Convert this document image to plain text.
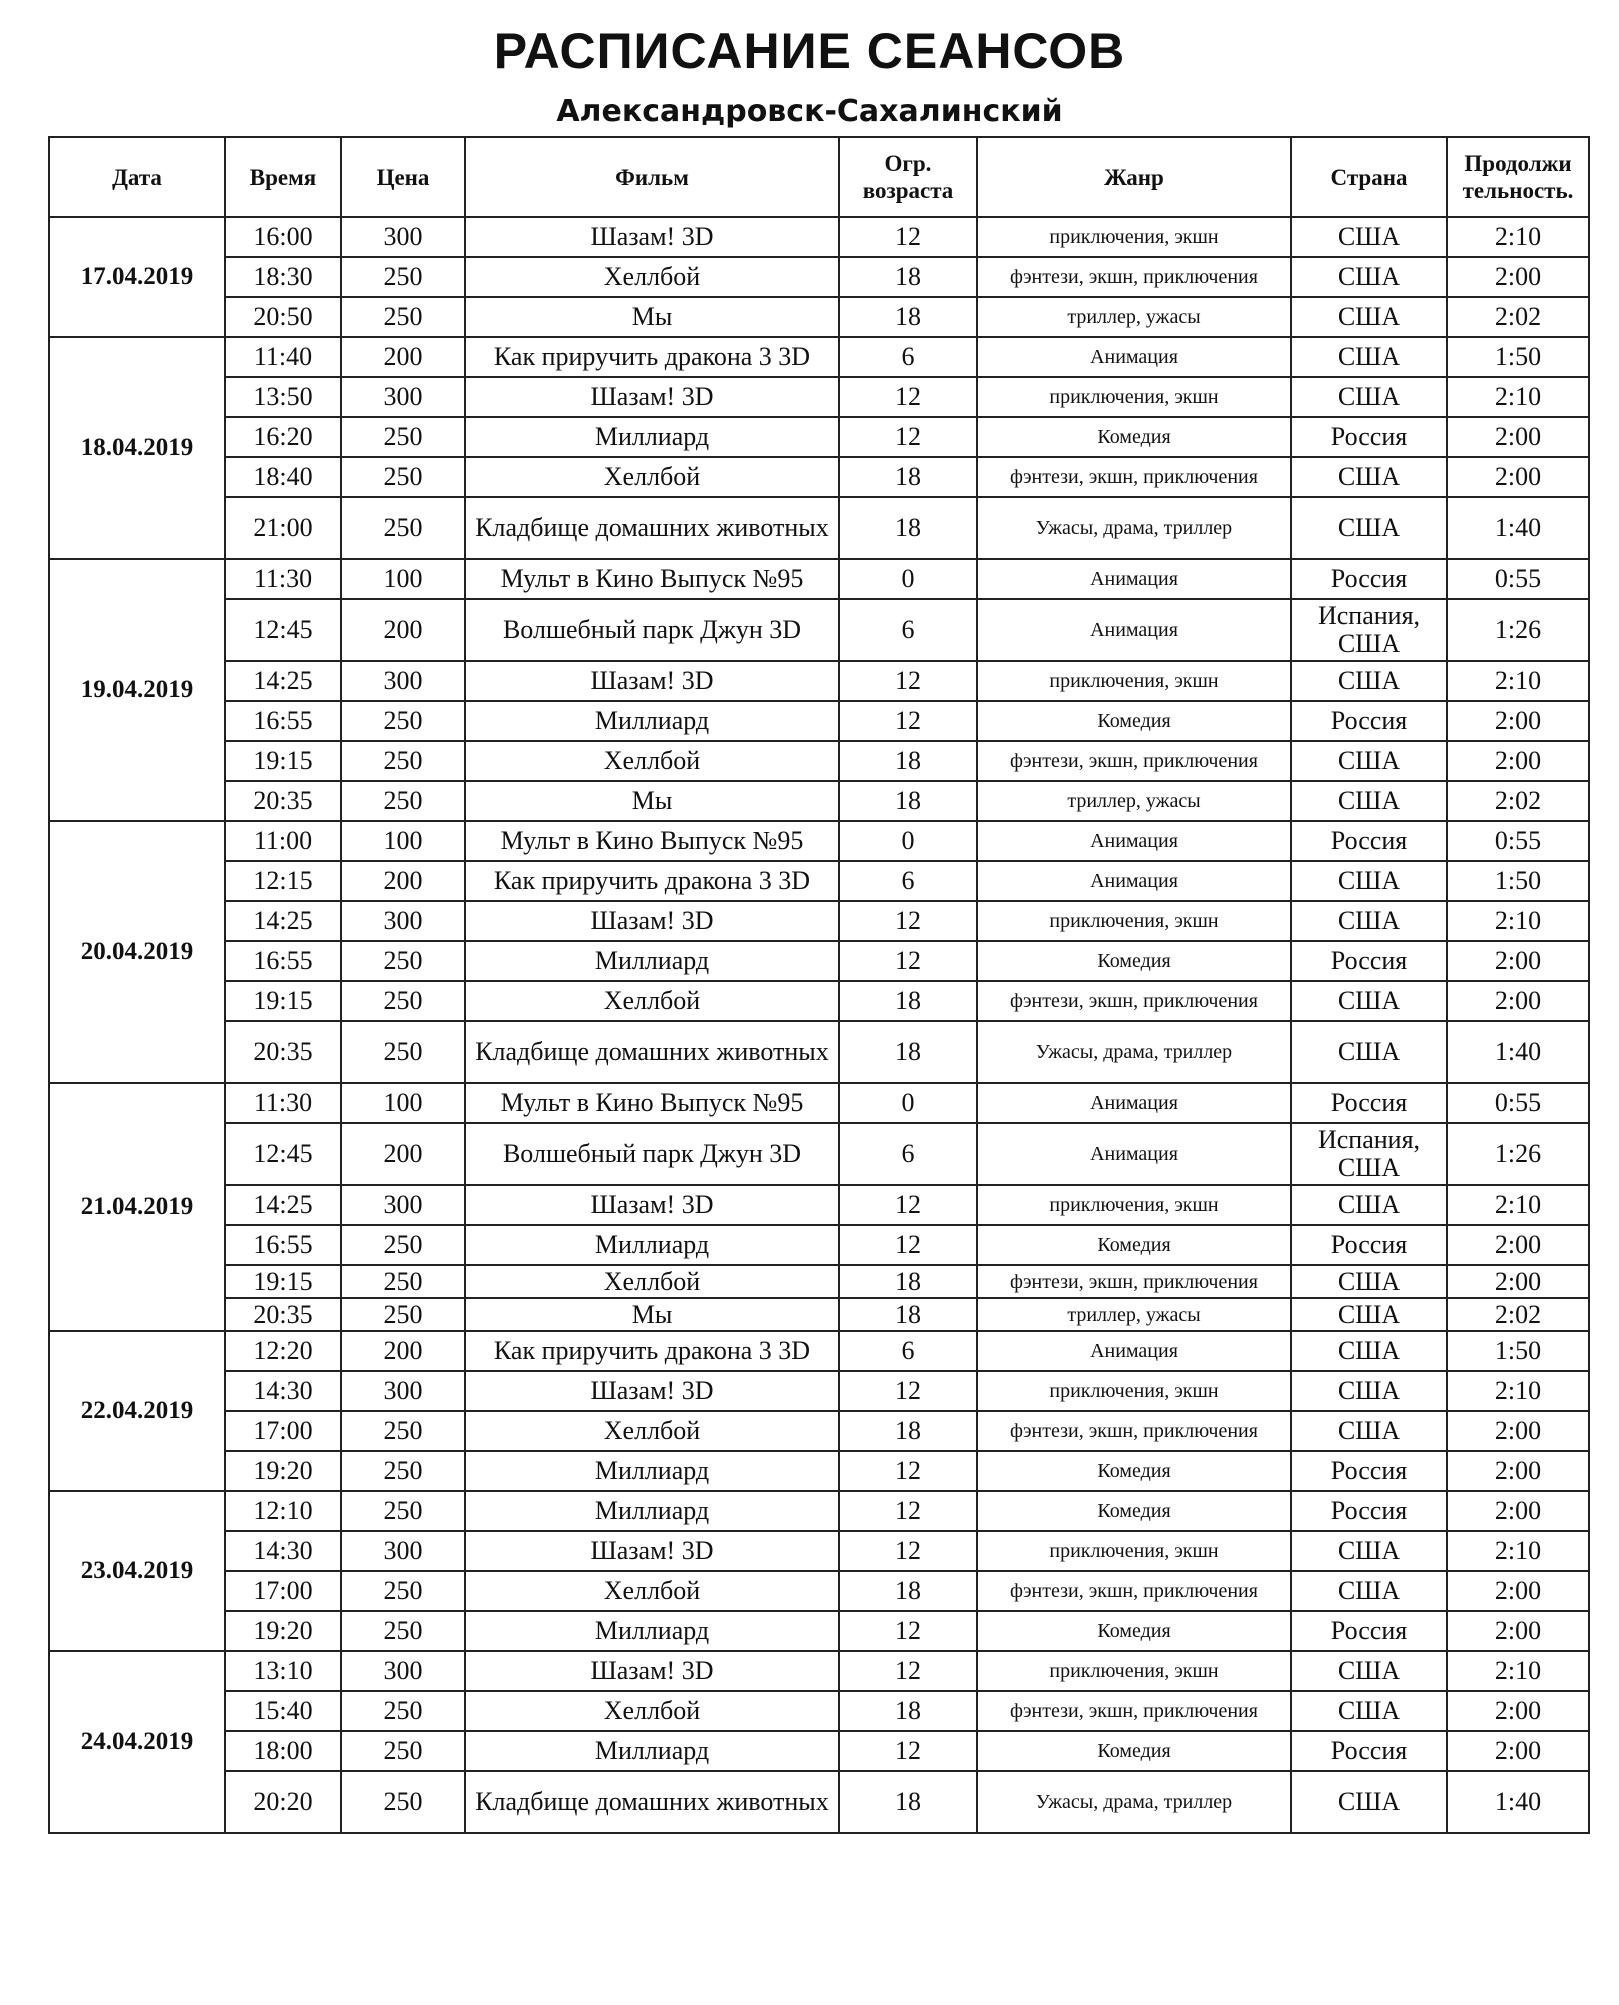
РАСПИСАНИЕ СЕАНСОВ
Александровск-Сахалинский
Дата	Время	Цена	Фильм	Огр. возраста	Жанр	Страна	Продолжи тельность.
17.04.2019	16:00	300	Шазам! 3D	12	приключения, экшн	США	2:10
	18:30	250	Хеллбой	18	фэнтези, экшн, приключения	США	2:00
	20:50	250	Мы	18	триллер, ужасы	США	2:02
18.04.2019	11:40	200	Как приручить дракона 3 3D	6	Анимация	США	1:50
	13:50	300	Шазам! 3D	12	приключения, экшн	США	2:10
	16:20	250	Миллиард	12	Комедия	Россия	2:00
	18:40	250	Хеллбой	18	фэнтези, экшн, приключения	США	2:00
	21:00	250	Кладбище домашних животных	18	Ужасы, драма, триллер	США	1:40
19.04.2019	11:30	100	Мульт в Кино Выпуск №95	0	Анимация	Россия	0:55
	12:45	200	Волшебный парк Джун 3D	6	Анимация	Испания, США	1:26
	14:25	300	Шазам! 3D	12	приключения, экшн	США	2:10
	16:55	250	Миллиард	12	Комедия	Россия	2:00
	19:15	250	Хеллбой	18	фэнтези, экшн, приключения	США	2:00
	20:35	250	Мы	18	триллер, ужасы	США	2:02
20.04.2019	11:00	100	Мульт в Кино Выпуск №95	0	Анимация	Россия	0:55
	12:15	200	Как приручить дракона 3 3D	6	Анимация	США	1:50
	14:25	300	Шазам! 3D	12	приключения, экшн	США	2:10
	16:55	250	Миллиард	12	Комедия	Россия	2:00
	19:15	250	Хеллбой	18	фэнтези, экшн, приключения	США	2:00
	20:35	250	Кладбище домашних животных	18	Ужасы, драма, триллер	США	1:40
21.04.2019	11:30	100	Мульт в Кино Выпуск №95	0	Анимация	Россия	0:55
	12:45	200	Волшебный парк Джун 3D	6	Анимация	Испания, США	1:26
	14:25	300	Шазам! 3D	12	приключения, экшн	США	2:10
	16:55	250	Миллиард	12	Комедия	Россия	2:00
	19:15	250	Хеллбой	18	фэнтези, экшн, приключения	США	2:00
	20:35	250	Мы	18	триллер, ужасы	США	2:02
22.04.2019	12:20	200	Как приручить дракона 3 3D	6	Анимация	США	1:50
	14:30	300	Шазам! 3D	12	приключения, экшн	США	2:10
	17:00	250	Хеллбой	18	фэнтези, экшн, приключения	США	2:00
	19:20	250	Миллиард	12	Комедия	Россия	2:00
23.04.2019	12:10	250	Миллиард	12	Комедия	Россия	2:00
	14:30	300	Шазам! 3D	12	приключения, экшн	США	2:10
	17:00	250	Хеллбой	18	фэнтези, экшн, приключения	США	2:00
	19:20	250	Миллиард	12	Комедия	Россия	2:00
24.04.2019	13:10	300	Шазам! 3D	12	приключения, экшн	США	2:10
	15:40	250	Хеллбой	18	фэнтези, экшн, приключения	США	2:00
	18:00	250	Миллиард	12	Комедия	Россия	2:00
	20:20	250	Кладбище домашних животных	18	Ужасы, драма, триллер	США	1:40
